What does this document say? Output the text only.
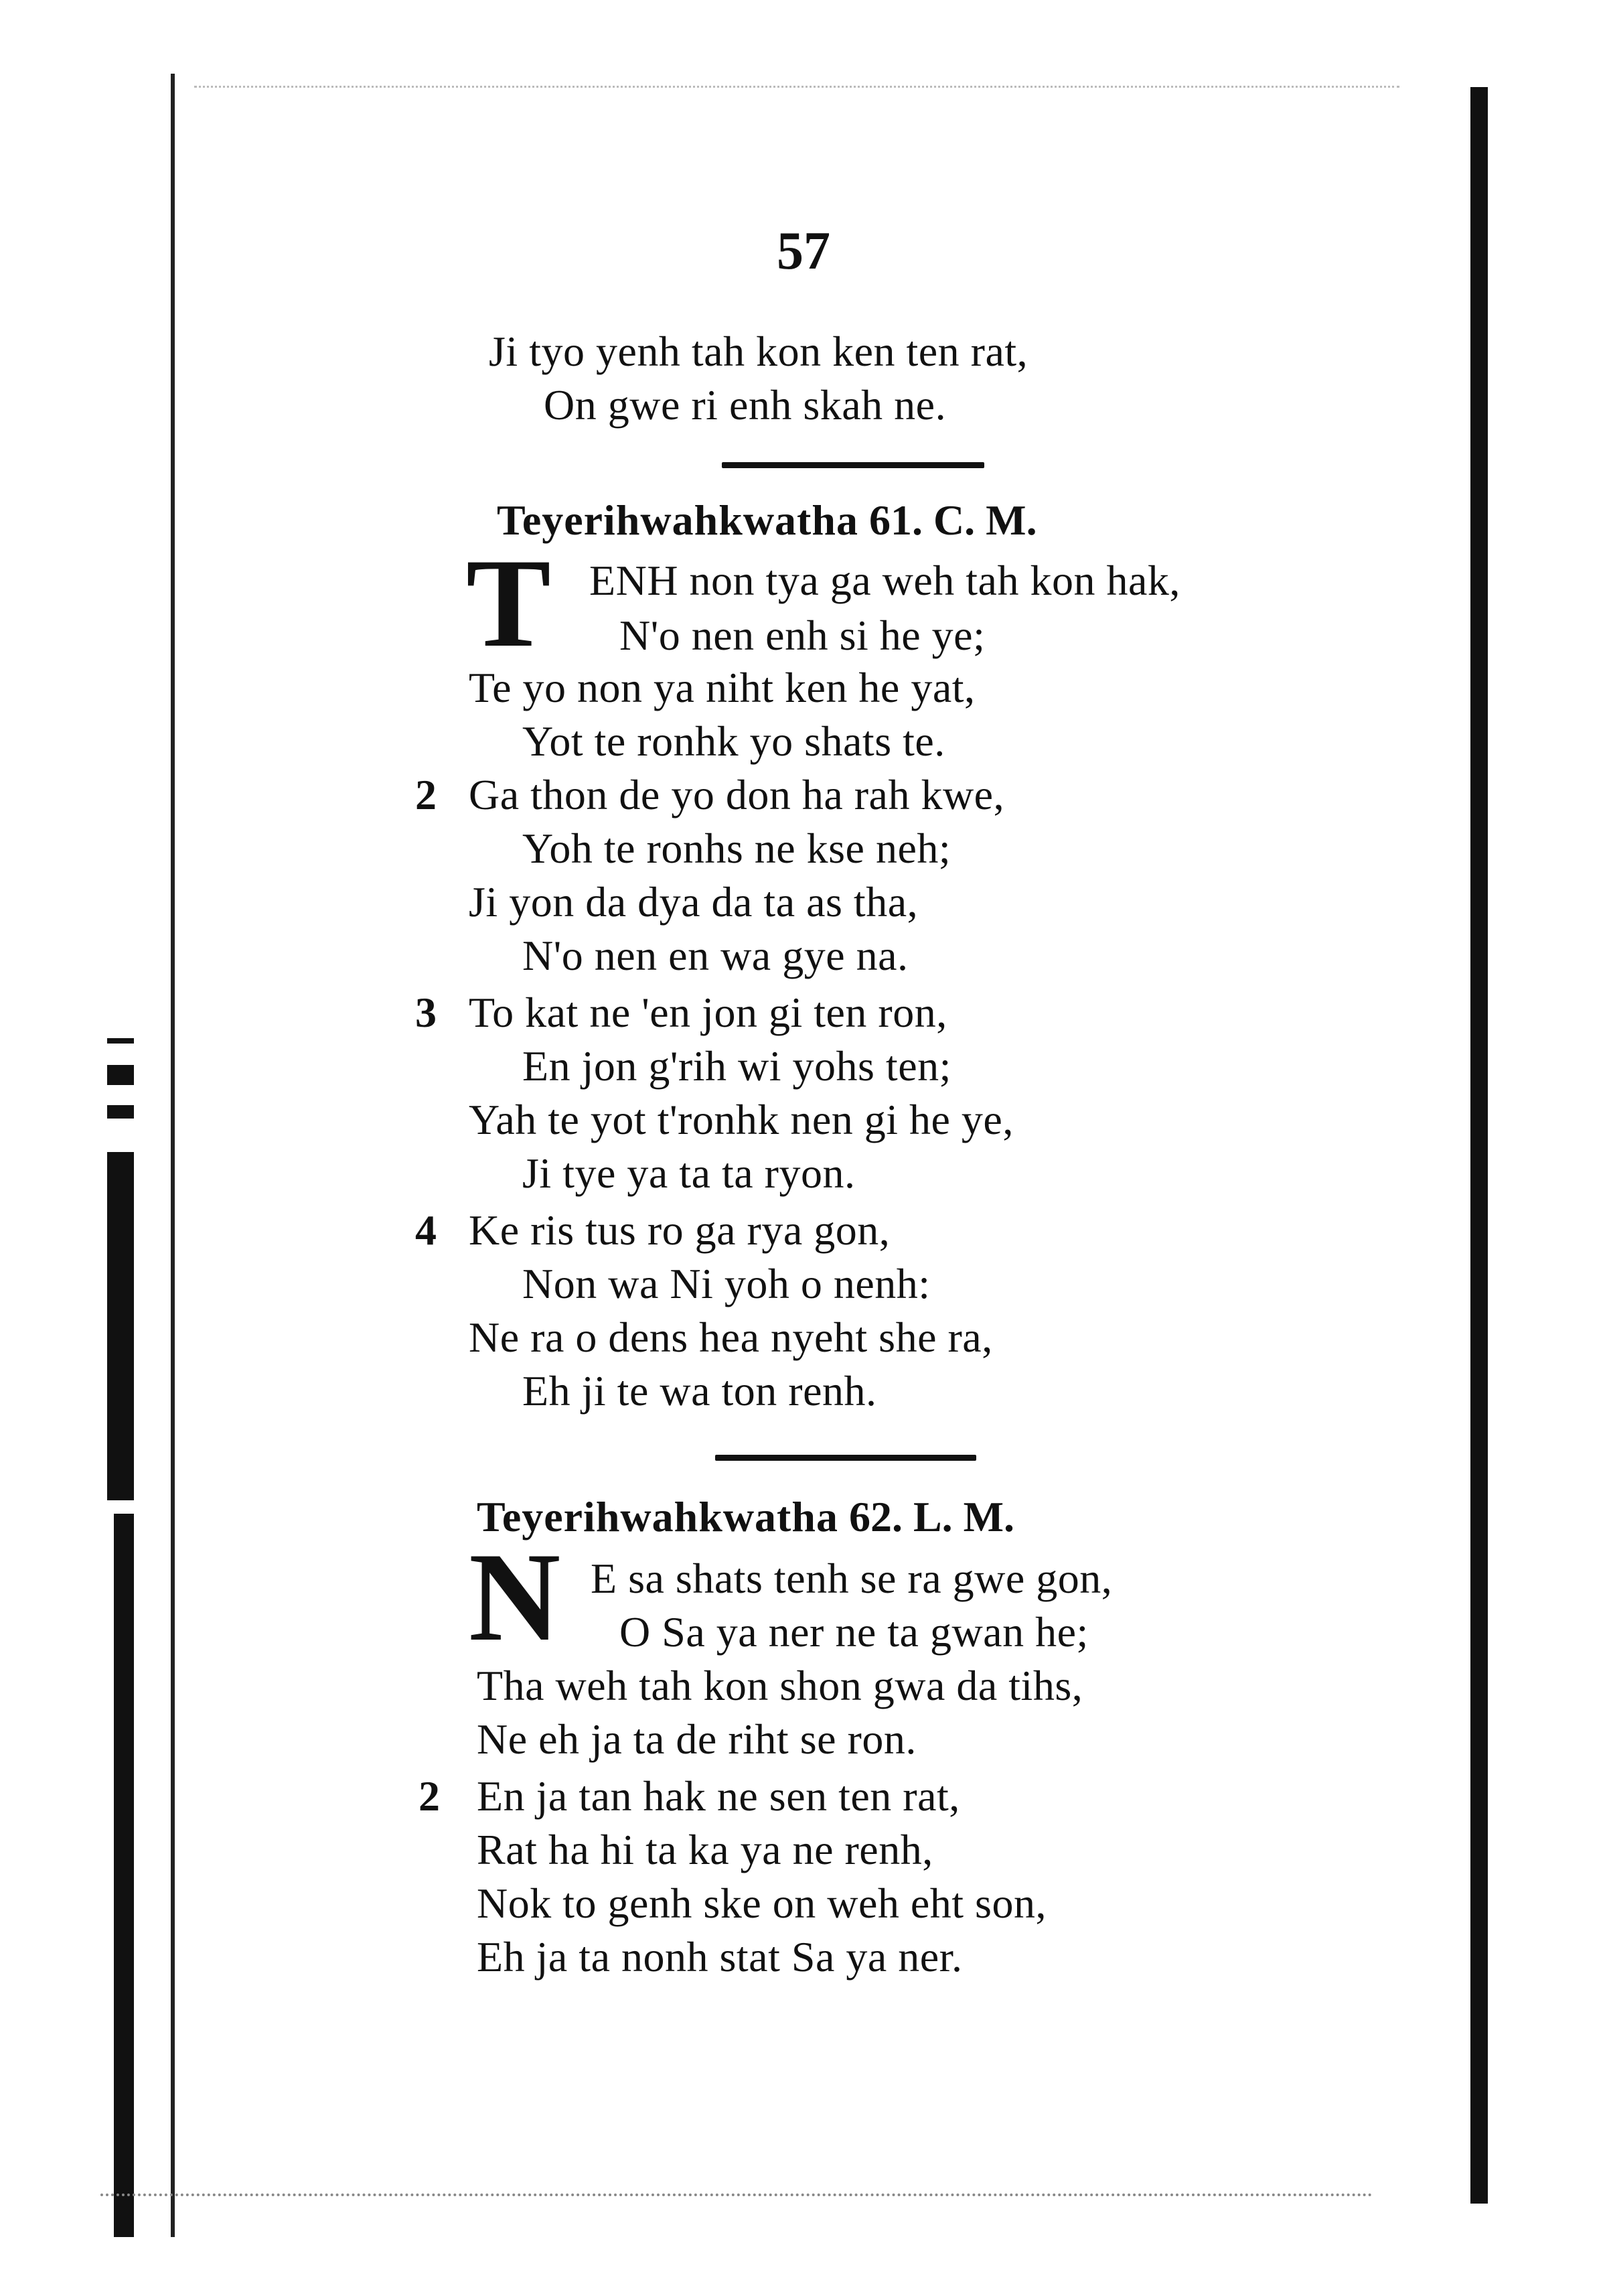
57
Ji tyo yenh tah kon ken ten rat,
On gwe ri enh skah ne.
Teyerihwahkwatha 61. C. M.
T ENH non tya ga weh tah kon hak,
N'o nen enh si he ye;
Te yo non ya niht ken he yat,
Yot te ronhk yo shats te.
2 Ga thon de yo don ha rah kwe,
Yoh te ronhs ne kse neh;
Ji yon da dya da ta as tha,
N'o nen en wa gye na.
3 To kat ne 'en jon gi ten ron,
En jon g'rih wi yohs ten;
Yah te yot t'ronhk nen gi he ye,
Ji tye ya ta ta ryon.
4 Ke ris tus ro ga rya gon,
Non wa Ni yoh o nenh:
Ne ra o dens hea nyeht she ra,
Eh ji te wa ton renh.
Teyerihwahkwatha 62. L. M.
N E sa shats tenh se ra gwe gon,
O Sa ya ner ne ta gwan he;
Tha weh tah kon shon gwa da tihs,
Ne eh ja ta de riht se ron.
2 En ja tan hak ne sen ten rat,
Rat ha hi ta ka ya ne renh,
Nok to genh ske on weh eht son,
Eh ja ta nonh stat Sa ya ner.
